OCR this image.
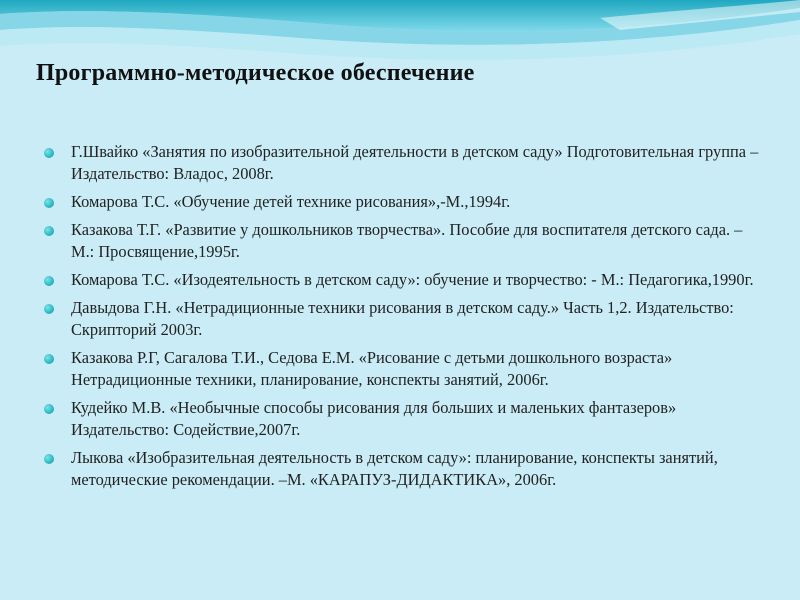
Программно-методическое обеспечение
Г.Швайко «Занятия по изобразительной деятельности в детском саду» Подготовительная группа – Издательство: Владос, 2008г.
Комарова Т.С. «Обучение детей технике рисования»,-М.,1994г.
Казакова Т.Г. «Развитие у дошкольников творчества». Пособие для воспитателя детского сада. – М.: Просвящение,1995г.
Комарова Т.С. «Изодеятельность в детском саду»: обучение и творчество: - М.: Педагогика,1990г.
Давыдова Г.Н. «Нетрадиционные техники рисования в детском саду.» Часть 1,2. Издательство: Скрипторий 2003г.
Казакова Р.Г, Сагалова Т.И., Седова Е.М. «Рисование с детьми дошкольного возраста» Нетрадиционные техники, планирование, конспекты занятий, 2006г.
Кудейко М.В. «Необычные способы рисования для больших и маленьких фантазеров» Издательство: Содействие,2007г.
Лыкова «Изобразительная деятельность в детском саду»: планирование, конспекты занятий, методические рекомендации. –М. «КАРАПУЗ-ДИДАКТИКА», 2006г.
